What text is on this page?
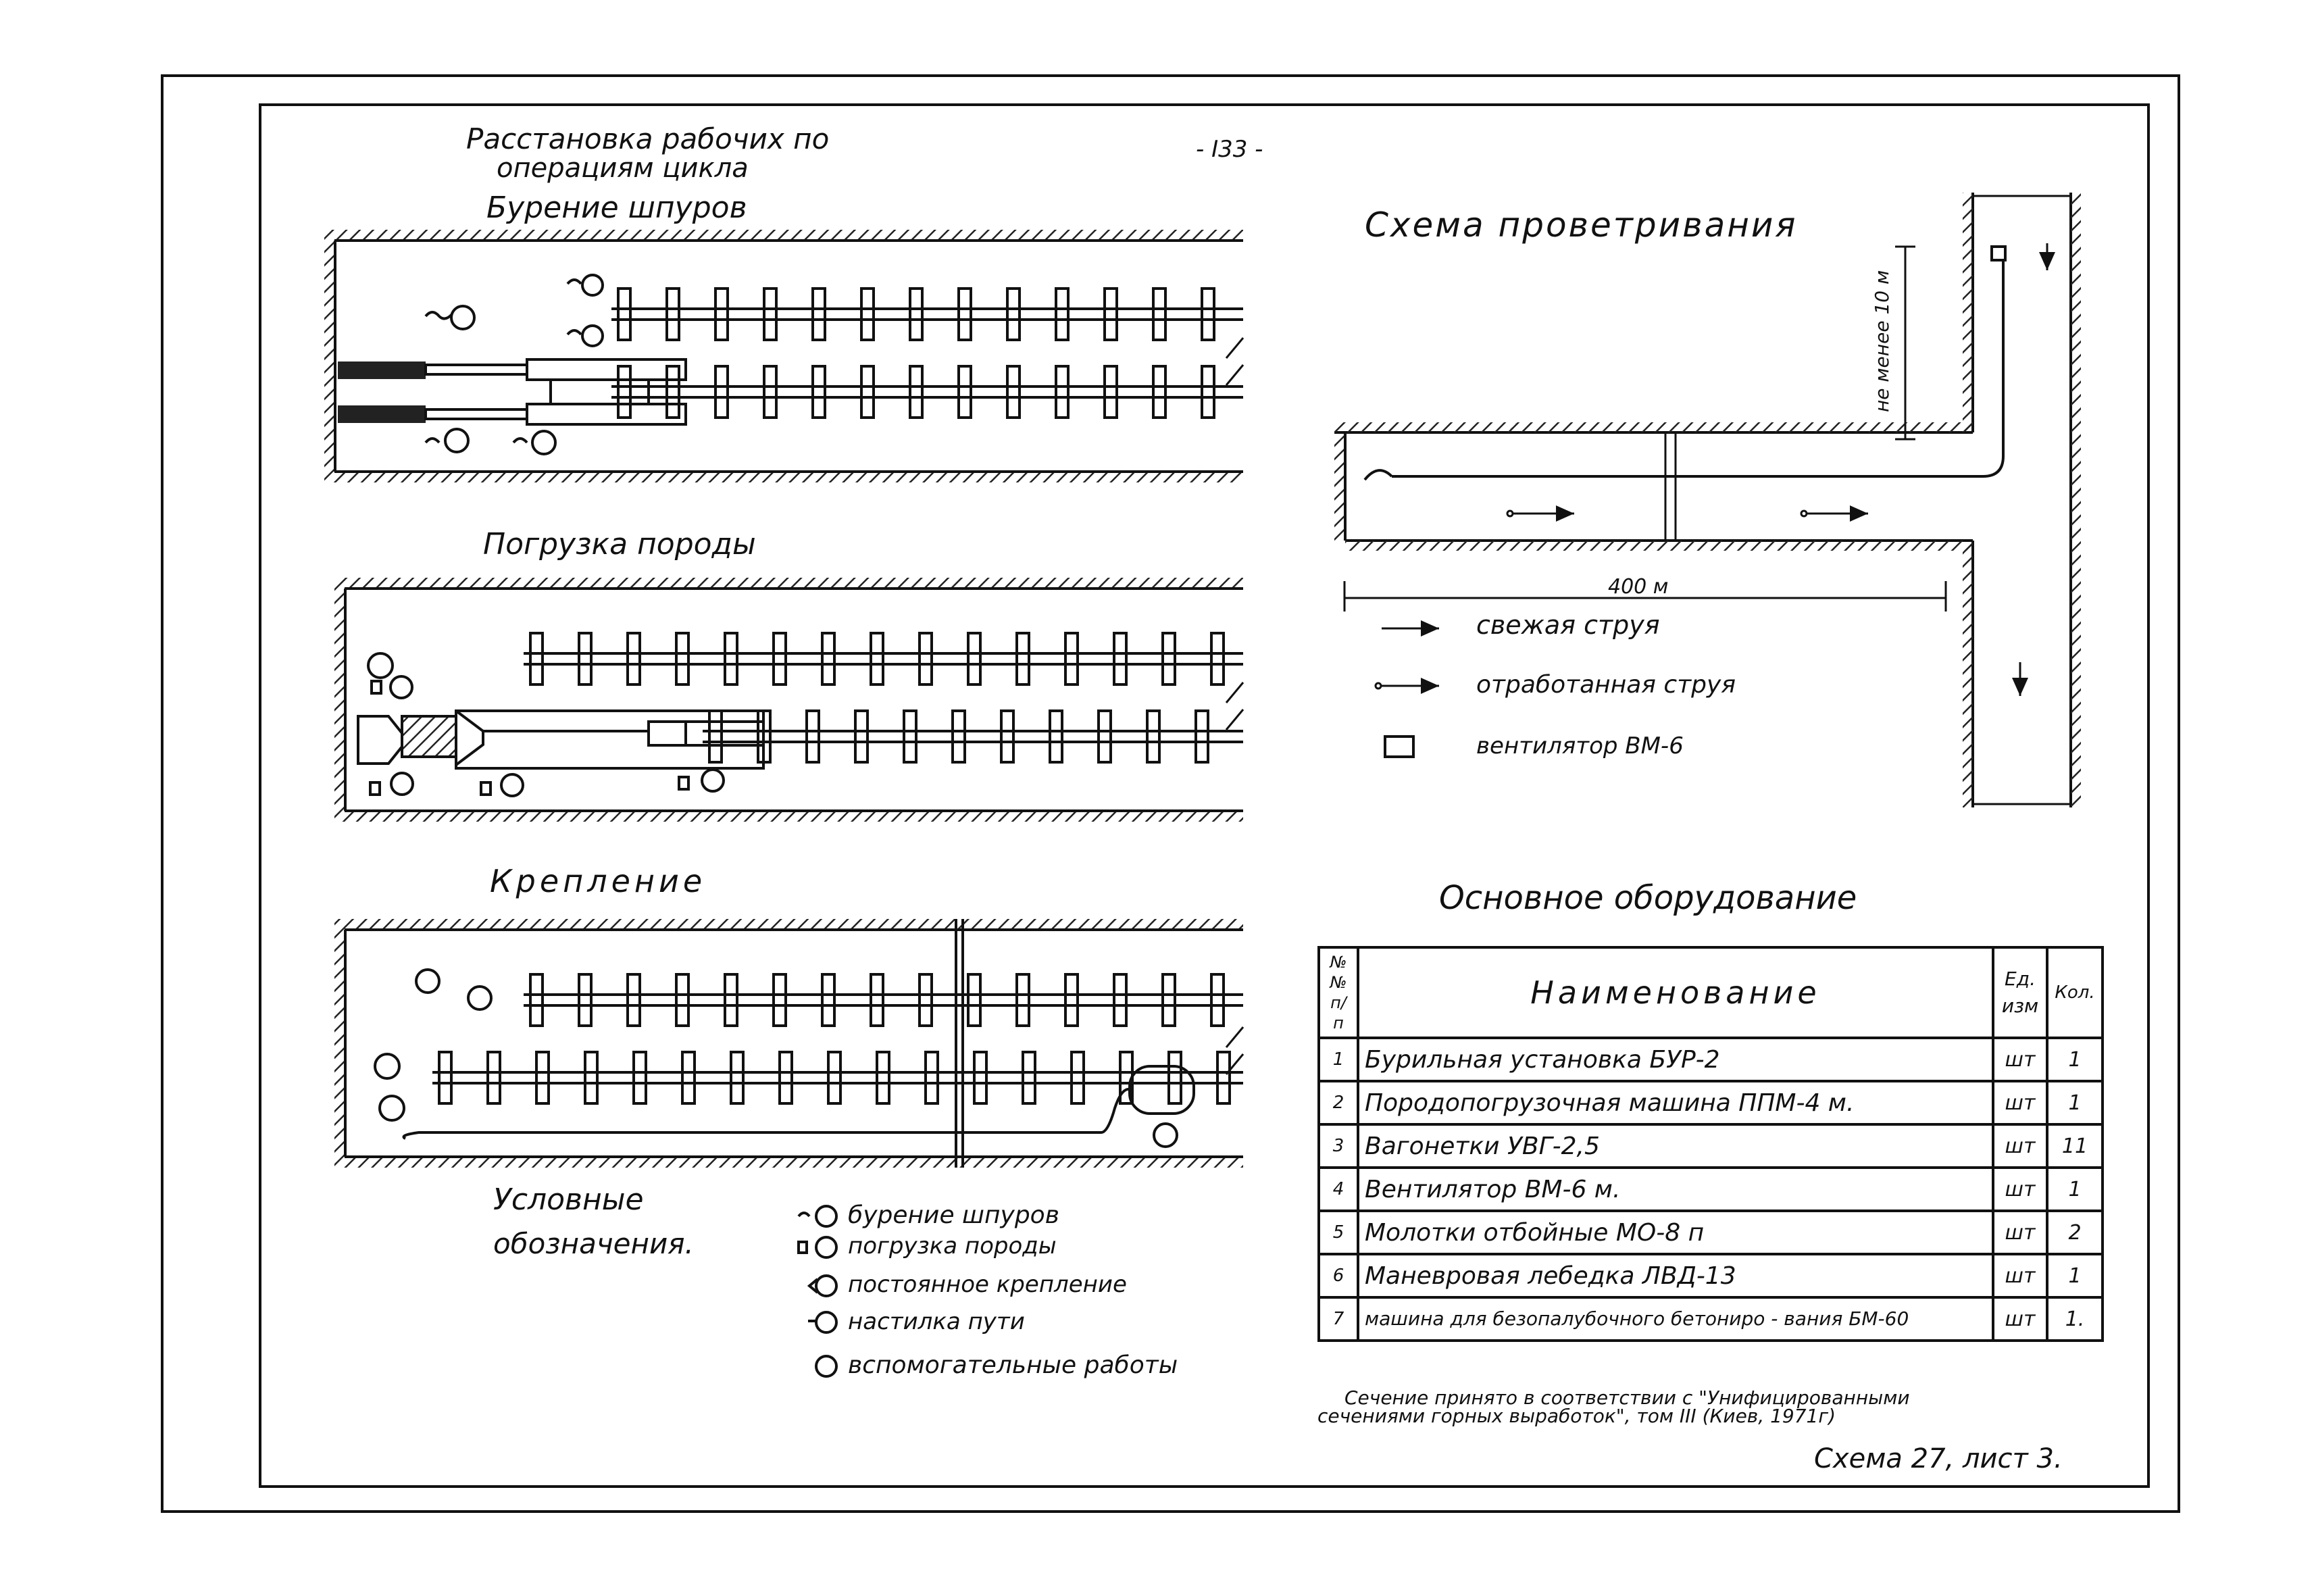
- I33 -
Расстановка рабочих по
операциям цикла
Бурение шпуров
Погрузка породы
Крепление
Схема проветривания
не менее 10 м
400 м
свежая струя
отработанная струя
вентилятор ВМ-6
Условные
обозначения.
бурение шпуров
погрузка породы
постоянное крепление
настилка пути
вспомогательные работы
Основное оборудование
Сечение принято в соответствии с "Унифицированными
сечениями горных выработок", том III (Киев, 1971г)
Схема 27, лист 3.
№№ п/п	Наименование	Ед. изм	Кол.
1	Бурильная установка БУР-2	шт	1
2	Породопогрузочная машина ППМ-4 м.	шт	1
3	Вагонетки УВГ-2,5	шт	11
4	Вентилятор ВМ-6 м.	шт	1
5	Молотки отбойные МО-8 п	шт	2
6	Маневровая лебедка ЛВД-13	шт	1
7	машина для безопалубочного бетониро - вания БМ-60	шт	1.
